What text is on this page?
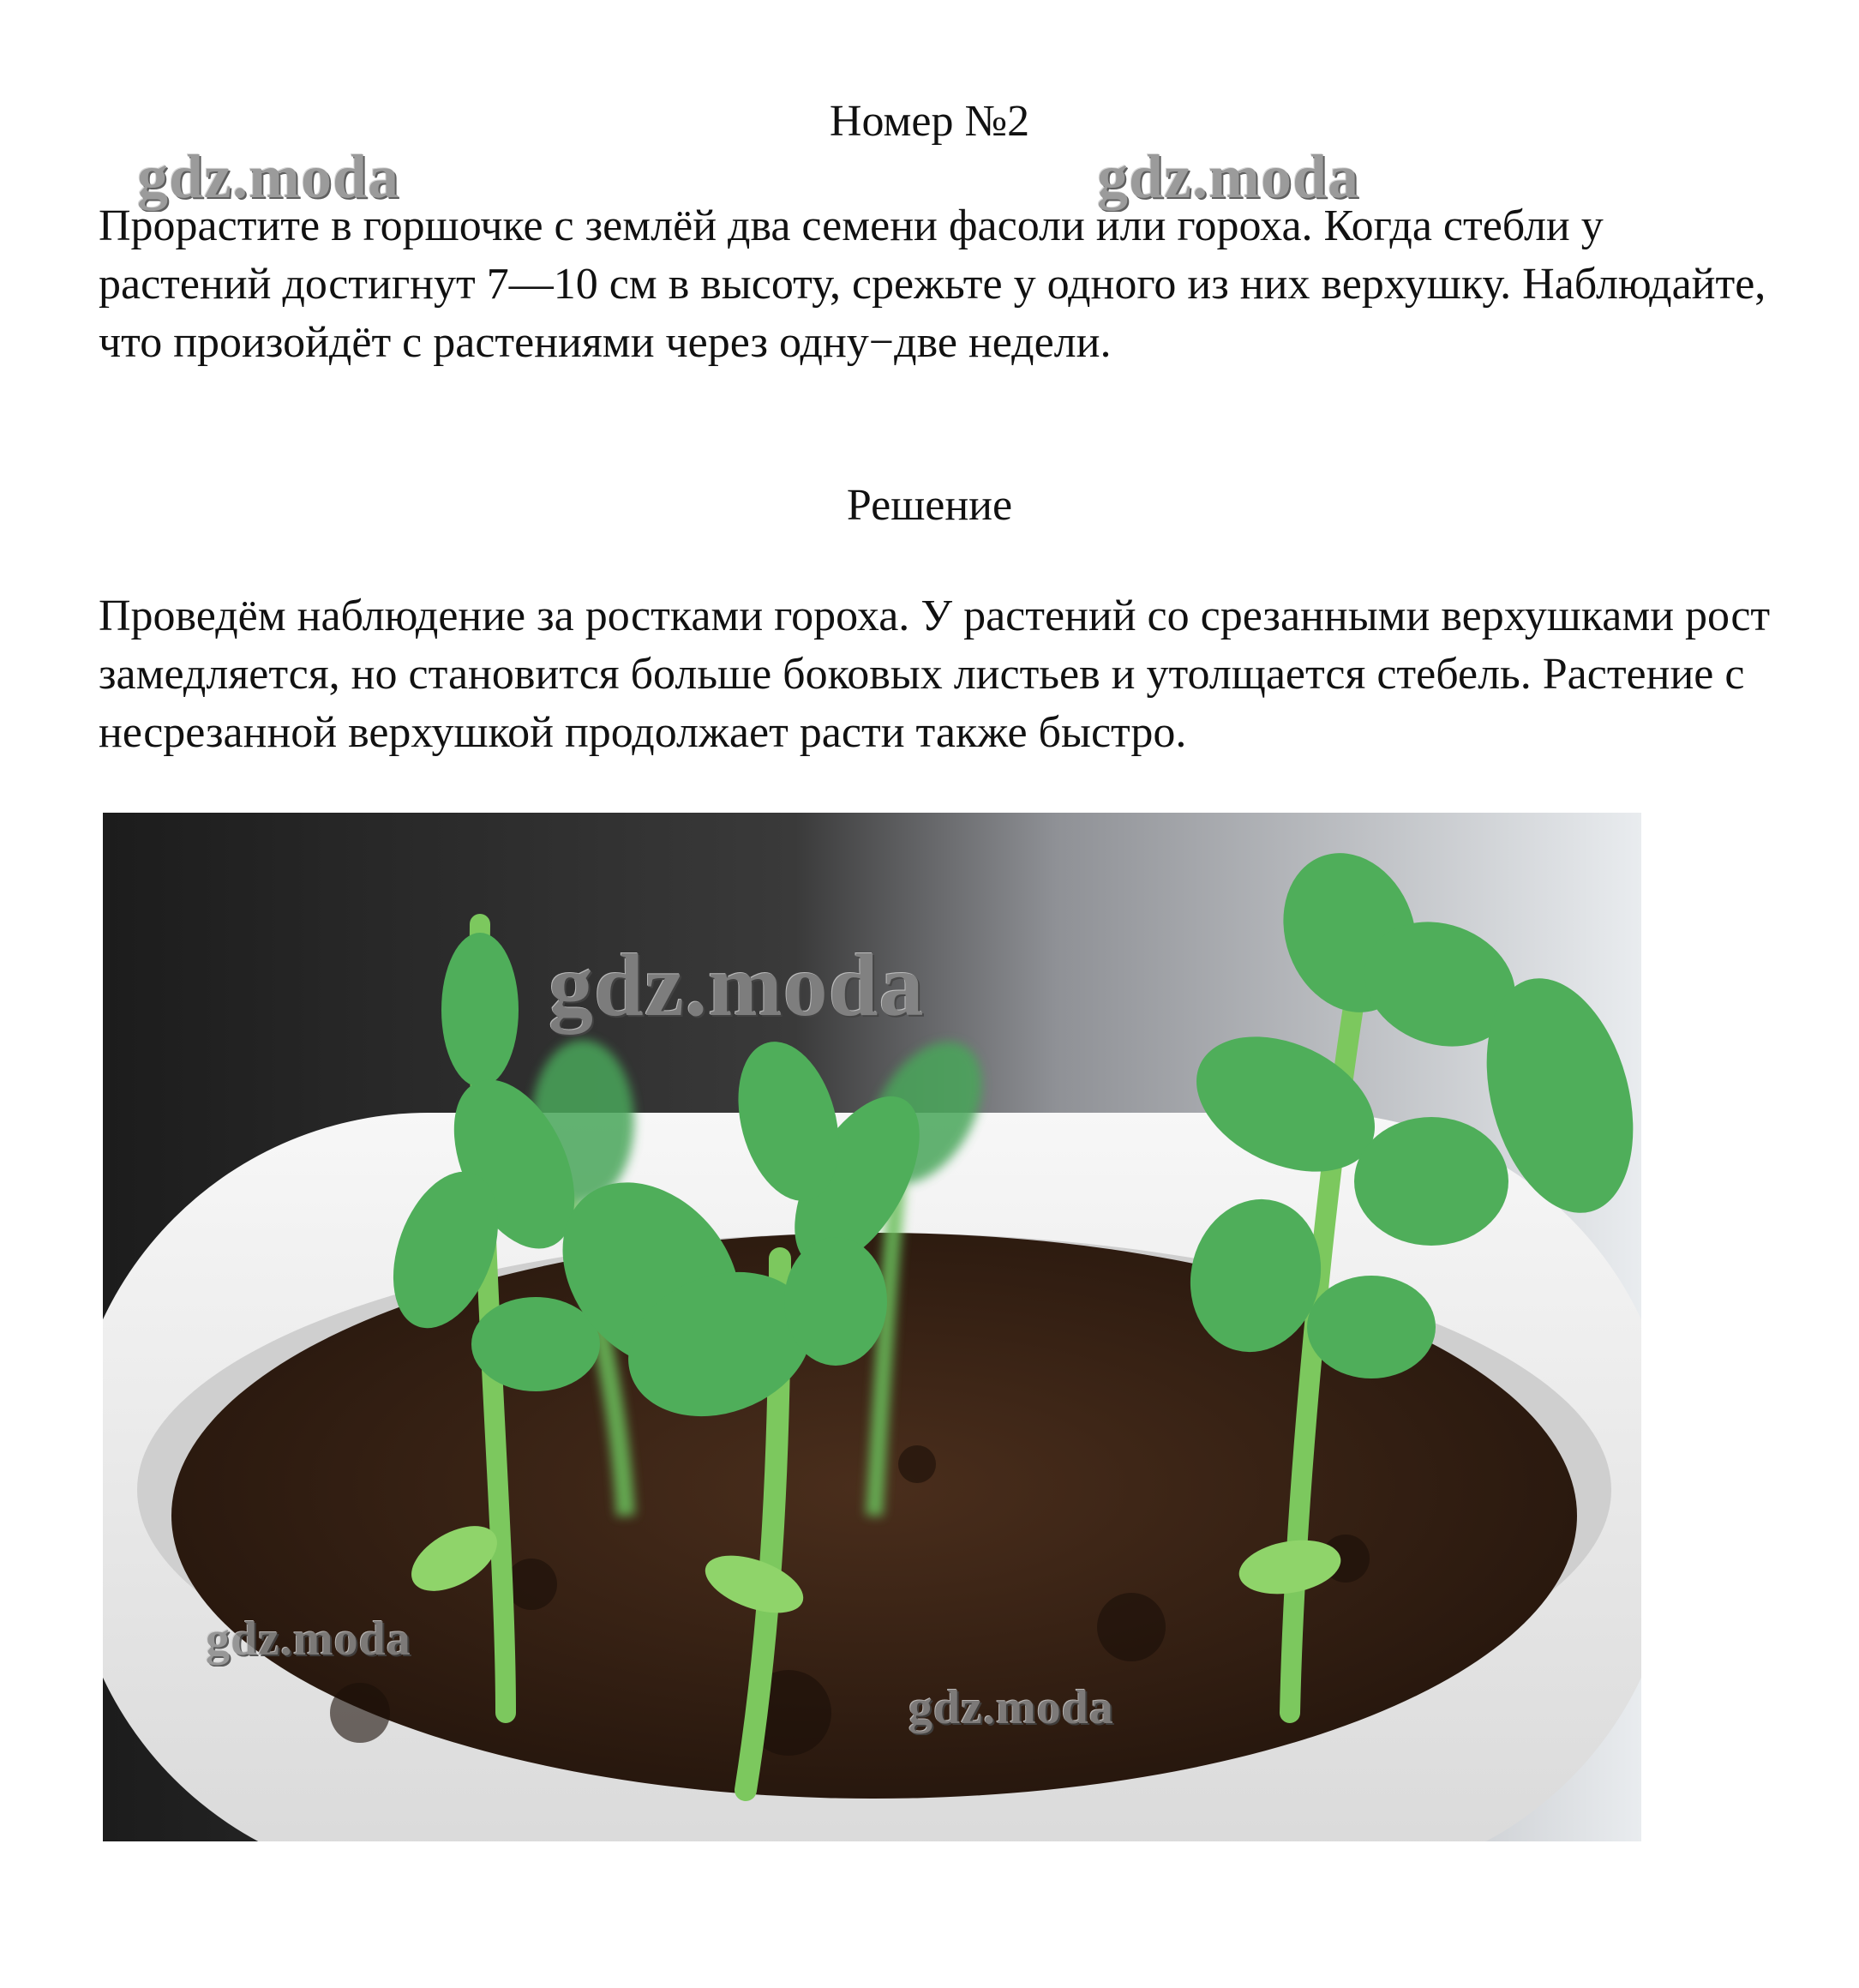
Номер №2

Прорастите в горшочке с землёй два семени фасоли или гороха. Когда стебли у растений достигнут 7—10 см в высоту, срежьте у одного из них верхушку. Наблюдайте, что произойдёт с растениями через одну−две недели.

Решение

Проведём наблюдение за ростками гороха. У растений со срезанными верхушками рост замедляется, но становится больше боковых листьев и утолщается стебель. Растение с несрезанной верхушкой продолжает расти также быстро.

gdz.moda	gdz.moda
gdz.moda
gdz.moda
gdz.moda
